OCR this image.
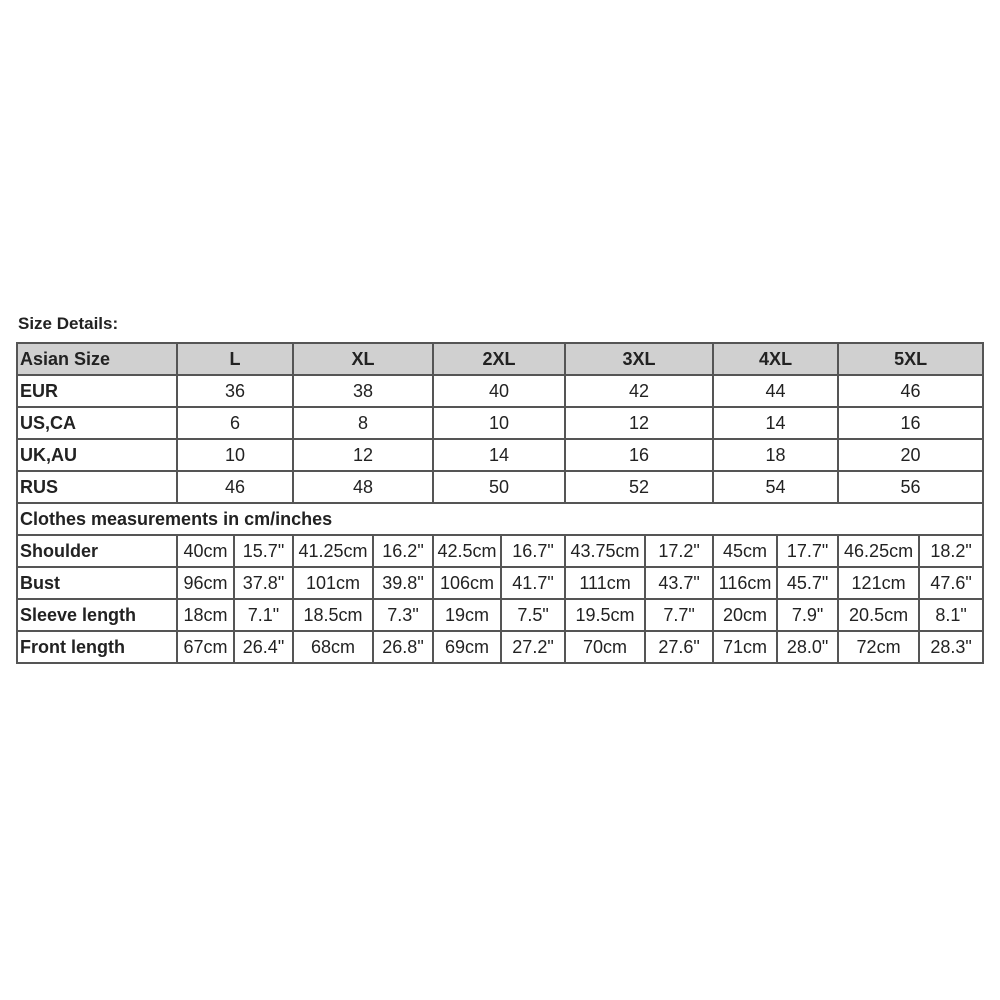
Size Details:
Asian Size	L		XL		2XL		3XL		4XL		5XL	
EUR	36		38		40		42		44		46	
US,CA	6		8		10		12		14		16	
UK,AU	10		12		14		16		18		20	
RUS	46		48		50		52		54		56	
Clothes measurements in cm/inches												
Shoulder	40cm	15.7"	41.25cm	16.2"	42.5cm	16.7"	43.75cm	17.2"	45cm	17.7"	46.25cm	18.2"
Bust	96cm	37.8"	101cm	39.8"	106cm	41.7"	111cm	43.7"	116cm	45.7"	121cm	47.6"
Sleeve length	18cm	7.1"	18.5cm	7.3"	19cm	7.5"	19.5cm	7.7"	20cm	7.9"	20.5cm	8.1"
Front length	67cm	26.4"	68cm	26.8"	69cm	27.2"	70cm	27.6"	71cm	28.0"	72cm	28.3"
